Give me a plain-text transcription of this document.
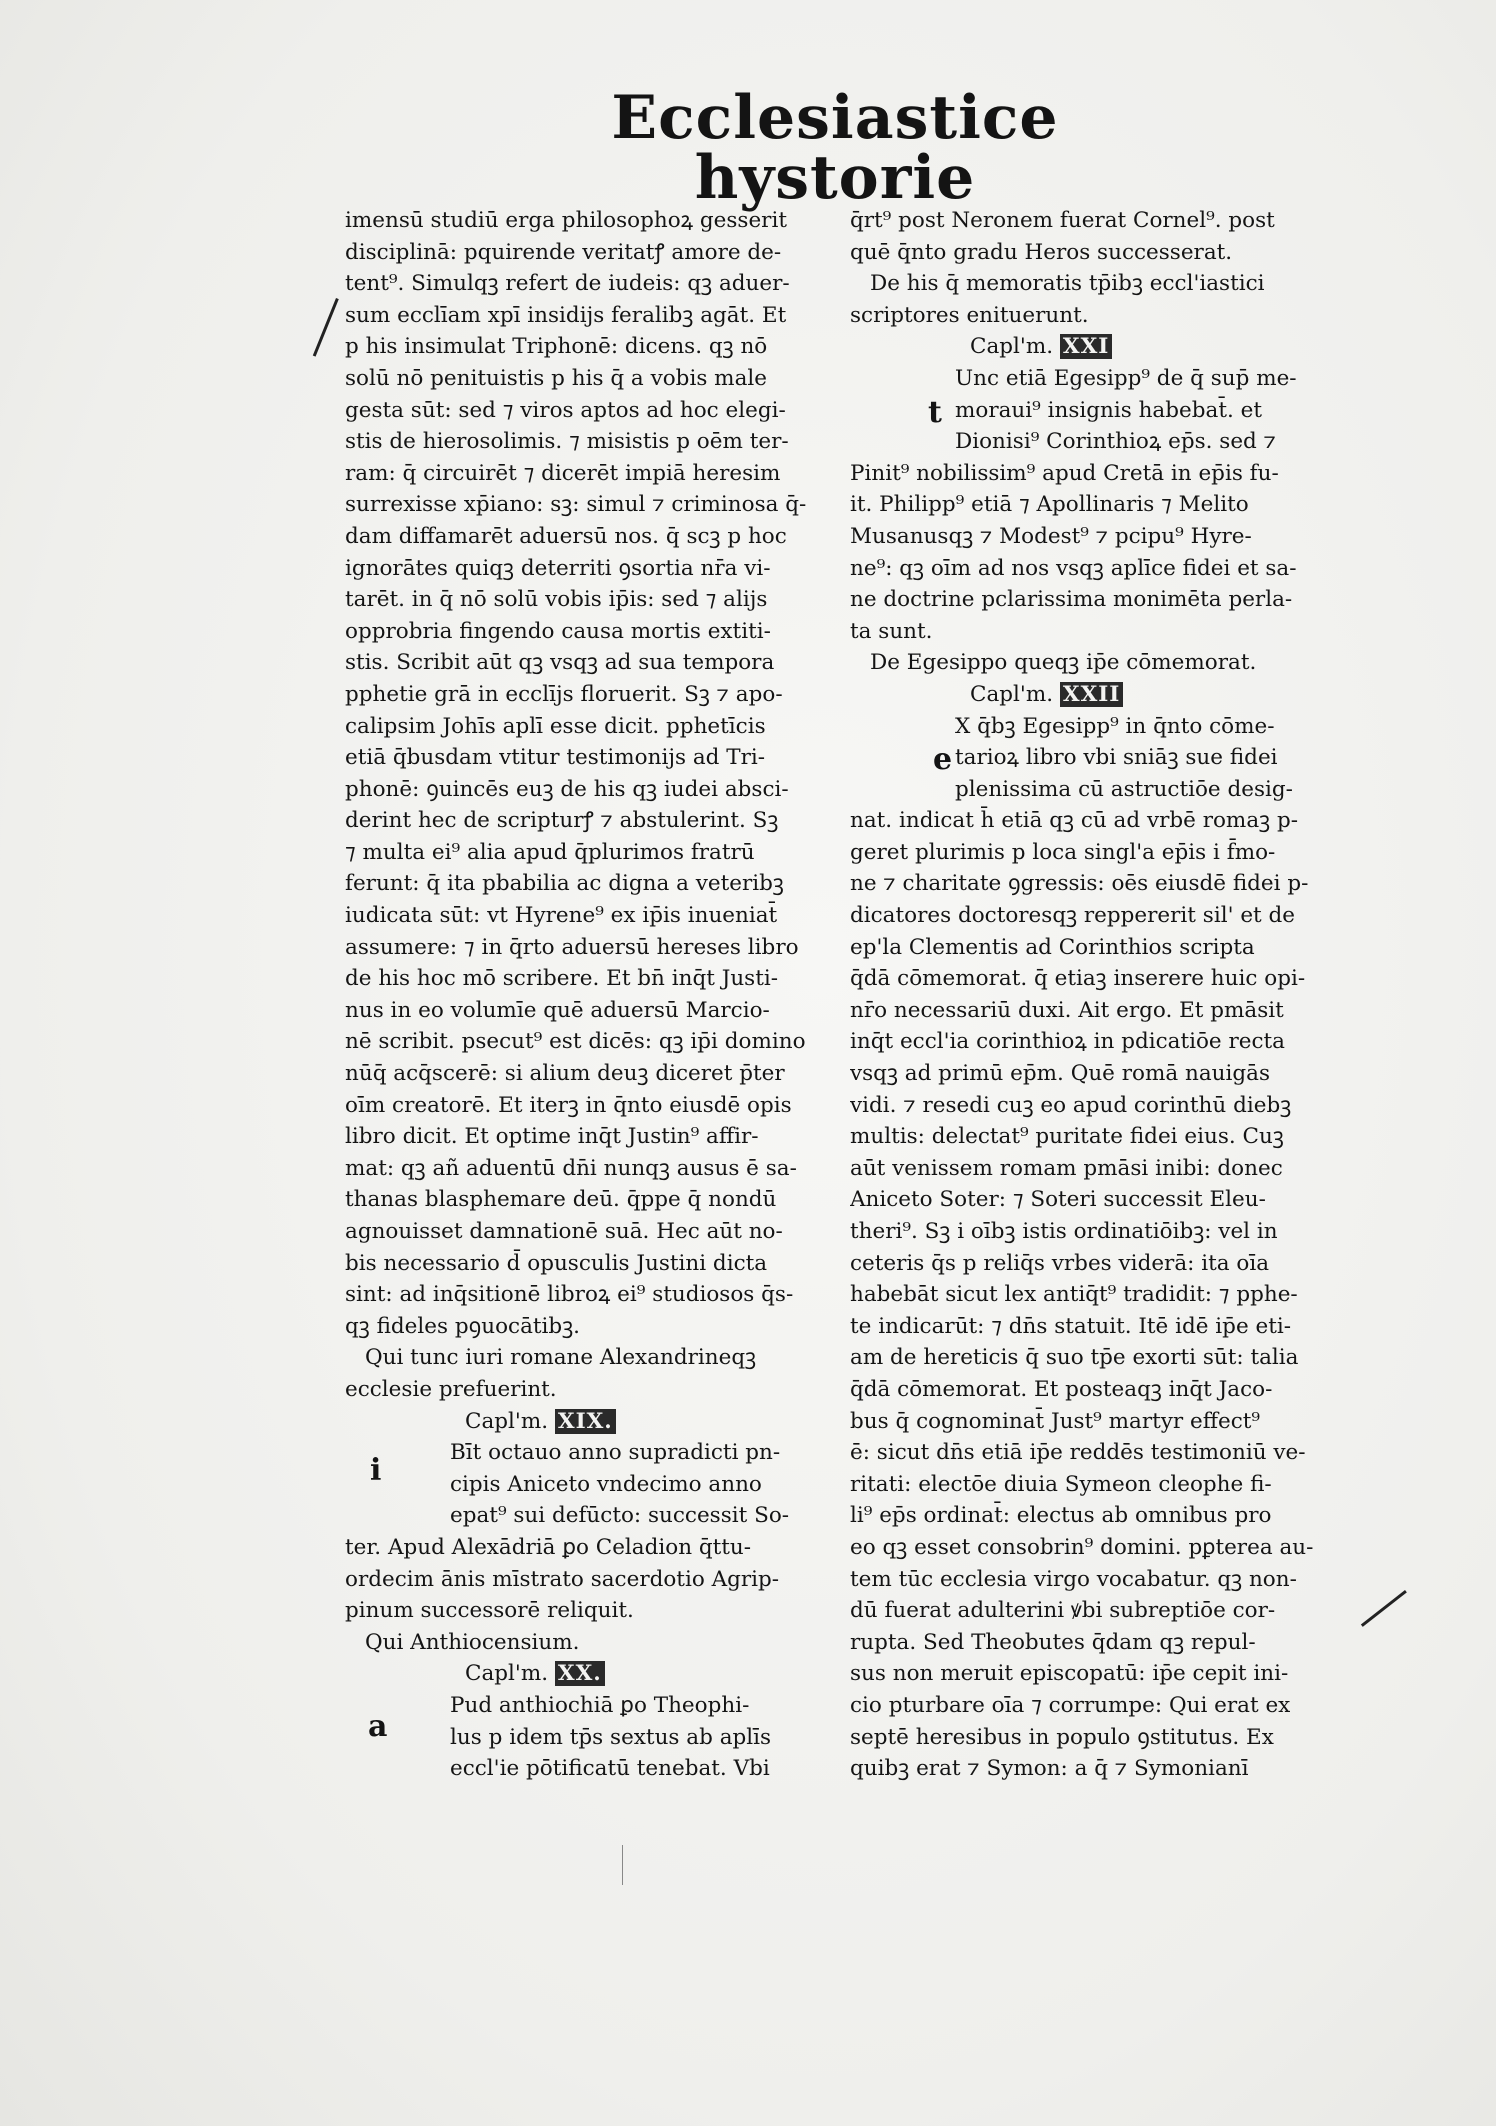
Ecclesiastice hystorie
imensū studiū erga philosophoꝝ gesserit
disciplinā: pquirende veritatꝭ amore de-
tent⁹. Simulqꝫ refert de iudeis: qꝫ aduer-
sum ecclīam xpī insidijs feralibꝫ agāt. Et
p his insimulat Triphonē: dicens. qꝫ nō
solū nō penituistis p his q̄ a vobis male
gesta sūt: sed ⁊ viros aptos ad hoc elegi-
stis de hierosolimis. ⁊ misistis p oēm ter-
ram: q̄ circuirēt ⁊ dicerēt impiā heresim
surrexisse xp̄iano: sꝫ: simul ⁊ criminosa q̄-
dam diffamarēt aduersū nos. q̄ scꝫ p hoc
ignorātes quiqꝫ deterriti ꝯsortia nr̄a vi-
tarēt. in q̄ nō solū vobis ip̄is: sed ⁊ alijs
opprobria fingendo causa mortis extiti-
stis. Scribit aūt qꝫ vsqꝫ ad sua tempora
pphetie grā in ecclījs floruerit. Sꝫ ⁊ apo-
calipsim Johīs aplī esse dicit. pphetīcis
etiā q̄busdam vtitur testimonijs ad Tri-
phonē: ꝯuincēs euꝫ de his qꝫ iudei absci-
derint hec de scripturꝭ ⁊ abstulerint. Sꝫ
⁊ multa ei⁹ alia apud q̄plurimos fratrū
ferunt: q̄ ita pbabilia ac digna a veteribꝫ
iudicata sūt: vt Hyrene⁹ ex ip̄is inueniat̄
assumere: ⁊ in q̄rto aduersū hereses libro
de his hoc mō scribere. Et bn̄ inq̄t Justi-
nus in eo volumīe quē aduersū Marcio-
nē scribit. psecut⁹ est dicēs: qꝫ ip̄i domino
nūq̄ acq̄scerē: si alium deuꝫ diceret p̄ter
oīm creatorē. Et iterꝫ in q̄nto eiusdē opis
libro dicit. Et optime inq̄t Justin⁹ affir-
mat: qꝫ añ aduentū dn̄i nunqꝫ ausus ē sa-
thanas blasphemare deū. q̄ppe q̄ nondū
agnouisset damnationē suā. Hec aūt no-
bis necessario d̄ opusculis Justini dicta
sint: ad inq̄sitionē libroꝝ ei⁹ studiosos q̄s-
qꝫ fideles pꝯuocātibꝫ.
Qui tunc iuri romane Alexandrineqꝫ
ecclesie prefuerint.
Capl'm. XIX.
Bīt octauo anno supradicti pn-
cipis Aniceto vndecimo anno
epat⁹ sui defūcto: successit So-
ter. Apud Alexādriā ꝑo Celadion q̄ttu-
ordecim ānis mīstrato sacerdotio Agrip-
pinum successorē reliquit.
Qui Anthiocensium.
Capl'm. XX.
Pud anthiochiā ꝑo Theophi-
lus p idem tp̄s sextus ab aplīs
eccl'ie pōtificatū tenebat. Vbi
i
a
q̄rt⁹ post Neronem fuerat Cornel⁹. post
quē q̄nto gradu Heros successerat.
De his q̄ memoratis tp̄ibꝫ eccl'iastici
scriptores enituerunt.
Capl'm. XXI
Unc etiā Egesipp⁹ de q̄ sup̄ me-
moraui⁹ insignis habebat̄. et
Dionisi⁹ Corinthioꝝ ep̄s. sed ⁊
Pinit⁹ nobilissim⁹ apud Cretā in ep̄is fu-
it. Philipp⁹ etiā ⁊ Apollinaris ⁊ Melito
Musanusqꝫ ⁊ Modest⁹ ⁊ pcipu⁹ Hyre-
ne⁹: qꝫ oīm ad nos vsqꝫ aplīce fidei et sa-
ne doctrine pclarissima monimēta perla-
ta sunt.
De Egesippo queqꝫ ip̄e cōmemorat.
Capl'm. XXII
X q̄bꝫ Egesipp⁹ in q̄nto cōme-
tarioꝝ libro vbi sniāꝫ sue fidei
plenissima cū astructiōe desig-
nat. indicat h̄ etiā qꝫ cū ad vrbē romaꝫ p-
geret plurimis p loca singl'a ep̄is i f̄mo-
ne ⁊ charitate ꝯgressis: oēs eiusdē fidei p-
dicatores doctoresqꝫ reppererit sil' et de
ep'la Clementis ad Corinthios scripta
q̄dā cōmemorat. q̄ etiaꝫ inserere huic opi-
nr̄o necessariū duxi. Ait ergo. Et pmāsit
inq̄t eccl'ia corinthioꝝ in pdicatiōe recta
vsqꝫ ad primū ep̄m. Quē romā nauigās
vidi. ⁊ resedi cuꝫ eo apud corinthū diebꝫ
multis: delectat⁹ puritate fidei eius. Cuꝫ
aūt venissem romam pmāsi inibi: donec
Aniceto Soter: ⁊ Soteri successit Eleu-
theri⁹. Sꝫ i oībꝫ istis ordinatiōibꝫ: vel in
ceteris q̄s p reliq̄s vrbes viderā: ita oīa
habebāt sicut lex antiq̄t⁹ tradidit: ⁊ pphe-
te indicarūt: ⁊ dn̄s statuit. Itē idē ip̄e eti-
am de hereticis q̄ suo tp̄e exorti sūt: talia
q̄dā cōmemorat. Et posteaqꝫ inq̄t Jaco-
bus q̄ cognominat̄ Just⁹ martyr effect⁹
ē: sicut dn̄s etiā ip̄e reddēs testimoniū ve-
ritati: electōe diuia Symeon cleophe fi-
li⁹ ep̄s ordinat̄: electus ab omnibus pro
eo qꝫ esset consobrin⁹ domini. pꝑterea au-
tem tūc ecclesia virgo vocabatur. qꝫ non-
dū fuerat adulterini ꝟbi subreptiōe cor-
rupta. Sed Theobutes q̄dam qꝫ repul-
sus non meruit episcopatū: ip̄e cepit ini-
cio pturbare oīa ⁊ corrumpe: Qui erat ex
septē heresibus in populo ꝯstitutus. Ex
quibꝫ erat ⁊ Symon: a q̄ ⁊ Symonianī
t
e
